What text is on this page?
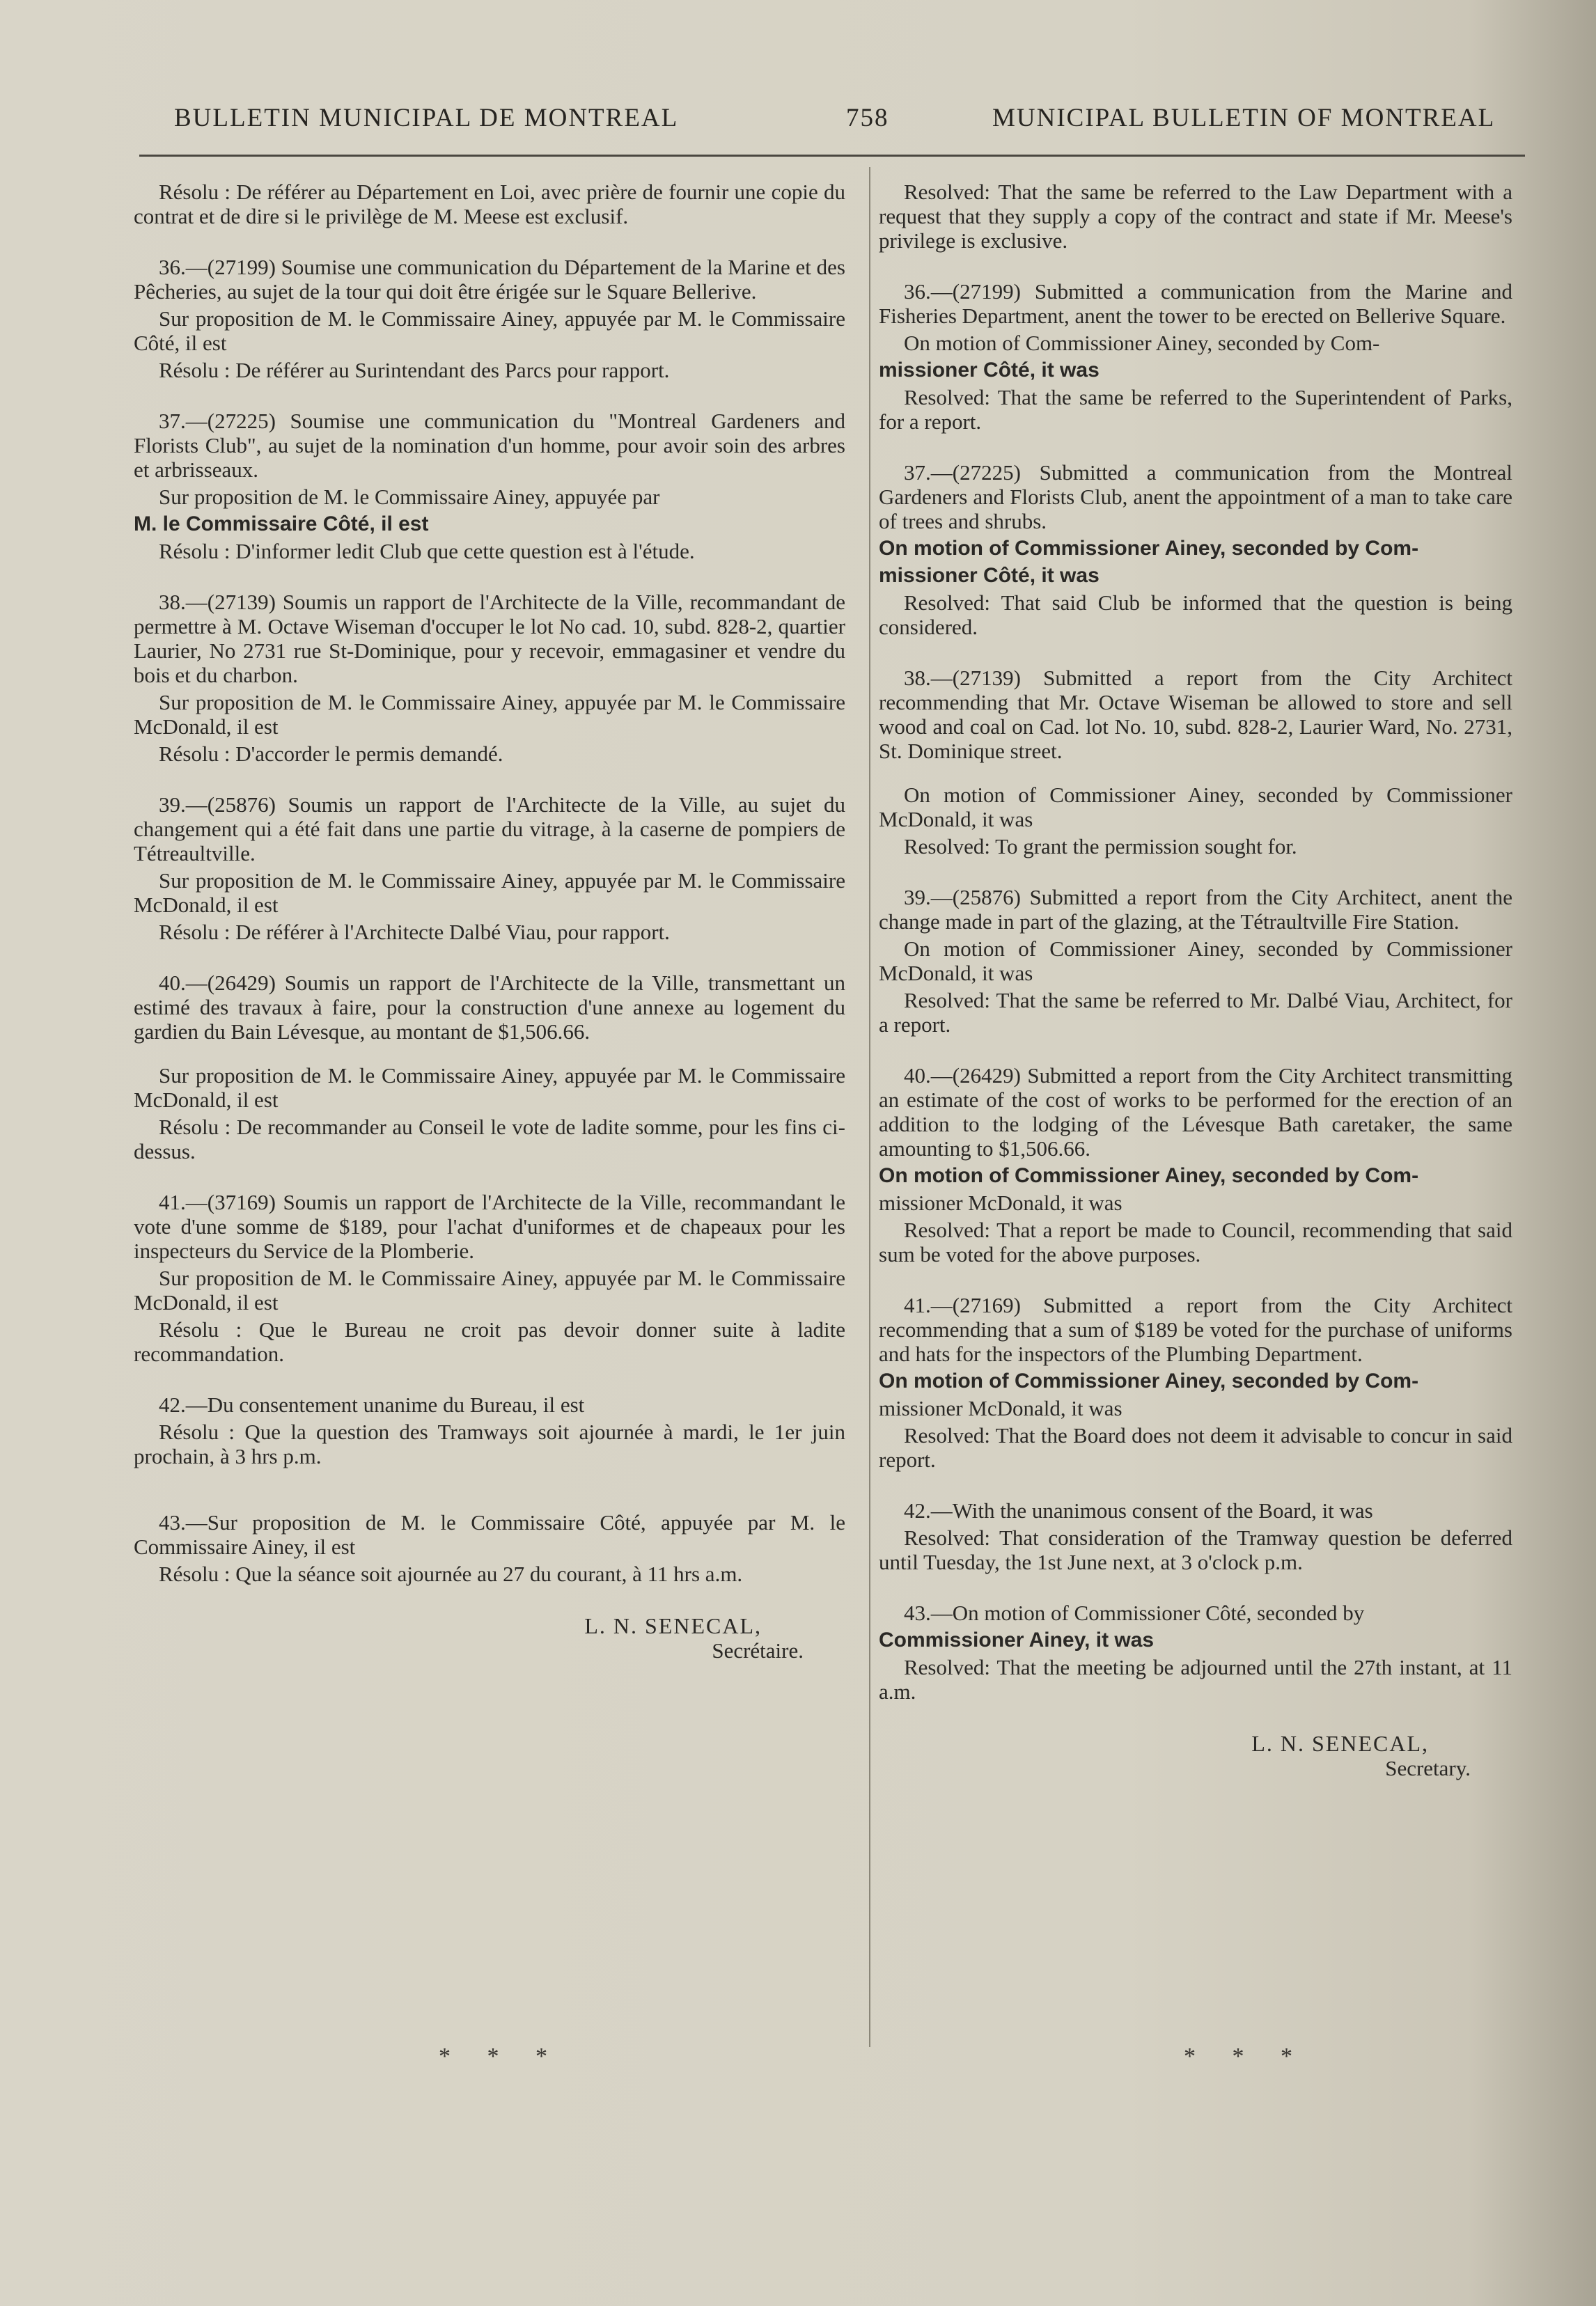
BULLETIN MUNICIPAL DE MONTREAL	758	MUNICIPAL BULLETIN OF MONTREAL

Résolu : De référer au Département en Loi, avec prière de fournir une copie du contrat et de dire si le privilège de M. Meese est exclusif.

36.—(27199) Soumise une communication du Département de la Marine et des Pêcheries, au sujet de la tour qui doit être érigée sur le Square Bellerive.

Sur proposition de M. le Commissaire Ainey, appuyée par M. le Commissaire Côté, il est

Résolu : De référer au Surintendant des Parcs pour rapport.

37.—(27225) Soumise une communication du "Montreal Gardeners and Florists Club", au sujet de la nomination d'un homme, pour avoir soin des arbres et arbrisseaux.

Sur proposition de M. le Commissaire Ainey, appuyée par

M. le Commissaire Côté, il est

Résolu : D'informer ledit Club que cette question est à l'étude.

38.—(27139) Soumis un rapport de l'Architecte de la Ville, recommandant de permettre à M. Octave Wiseman d'occuper le lot No cad. 10, subd. 828-2, quartier Laurier, No 2731 rue St-Dominique, pour y recevoir, emmagasiner et vendre du bois et du charbon.

Sur proposition de M. le Commissaire Ainey, appuyée par M. le Commissaire McDonald, il est

Résolu : D'accorder le permis demandé.

39.—(25876) Soumis un rapport de l'Architecte de la Ville, au sujet du changement qui a été fait dans une partie du vitrage, à la caserne de pompiers de Tétreaultville.

Sur proposition de M. le Commissaire Ainey, appuyée par M. le Commissaire McDonald, il est

Résolu : De référer à l'Architecte Dalbé Viau, pour rapport.

40.—(26429) Soumis un rapport de l'Architecte de la Ville, transmettant un estimé des travaux à faire, pour la construction d'une annexe au logement du gardien du Bain Lévesque, au montant de $1,506.66.

Sur proposition de M. le Commissaire Ainey, appuyée par M. le Commissaire McDonald, il est

Résolu : De recommander au Conseil le vote de ladite somme, pour les fins ci-dessus.

41.—(37169) Soumis un rapport de l'Architecte de la Ville, recommandant le vote d'une somme de $189, pour l'achat d'uniformes et de chapeaux pour les inspecteurs du Service de la Plomberie.

Sur proposition de M. le Commissaire Ainey, appuyée par M. le Commissaire McDonald, il est

Résolu : Que le Bureau ne croit pas devoir donner suite à ladite recommandation.

42.—Du consentement unanime du Bureau, il est

Résolu : Que la question des Tramways soit ajournée à mardi, le 1er juin prochain, à 3 hrs p.m.

43.—Sur proposition de M. le Commissaire Côté, appuyée par M. le Commissaire Ainey, il est

Résolu : Que la séance soit ajournée au 27 du courant, à 11 hrs a.m.

L. N. SENECAL,
Secrétaire.

Resolved: That the same be referred to the Law Department with a request that they supply a copy of the contract and state if Mr. Meese's privilege is exclusive.

36.—(27199) Submitted a communication from the Marine and Fisheries Department, anent the tower to be erected on Bellerive Square.

On motion of Commissioner Ainey, seconded by Com-

missioner Côté, it was

Resolved: That the same be referred to the Superintendent of Parks, for a report.

37.—(27225) Submitted a communication from the Montreal Gardeners and Florists Club, anent the appointment of a man to take care of trees and shrubs.

On motion of Commissioner Ainey, seconded by Com-

missioner Côté, it was

Resolved: That said Club be informed that the question is being considered.

38.—(27139) Submitted a report from the City Architect recommending that Mr. Octave Wiseman be allowed to store and sell wood and coal on Cad. lot No. 10, subd. 828-2, Laurier Ward, No. 2731, St. Dominique street.

On motion of Commissioner Ainey, seconded by Commissioner McDonald, it was

Resolved: To grant the permission sought for.

39.—(25876) Submitted a report from the City Architect, anent the change made in part of the glazing, at the Tétraultville Fire Station.

On motion of Commissioner Ainey, seconded by Commissioner McDonald, it was

Resolved: That the same be referred to Mr. Dalbé Viau, Architect, for a report.

40.—(26429) Submitted a report from the City Architect transmitting an estimate of the cost of works to be performed for the erection of an addition to the lodging of the Lévesque Bath caretaker, the same amounting to $1,506.66.

On motion of Commissioner Ainey, seconded by Com-

missioner McDonald, it was

Resolved: That a report be made to Council, recommending that said sum be voted for the above purposes.

41.—(27169) Submitted a report from the City Architect recommending that a sum of $189 be voted for the purchase of uniforms and hats for the inspectors of the Plumbing Department.

On motion of Commissioner Ainey, seconded by Com-

missioner McDonald, it was

Resolved: That the Board does not deem it advisable to concur in said report.

42.—With the unanimous consent of the Board, it was

Resolved: That consideration of the Tramway question be deferred until Tuesday, the 1st June next, at 3 o'clock p.m.

43.—On motion of Commissioner Côté, seconded by

Commissioner Ainey, it was

Resolved: That the meeting be adjourned until the 27th instant, at 11 a.m.

L. N. SENECAL,
Secretary.
* * *	* * *
